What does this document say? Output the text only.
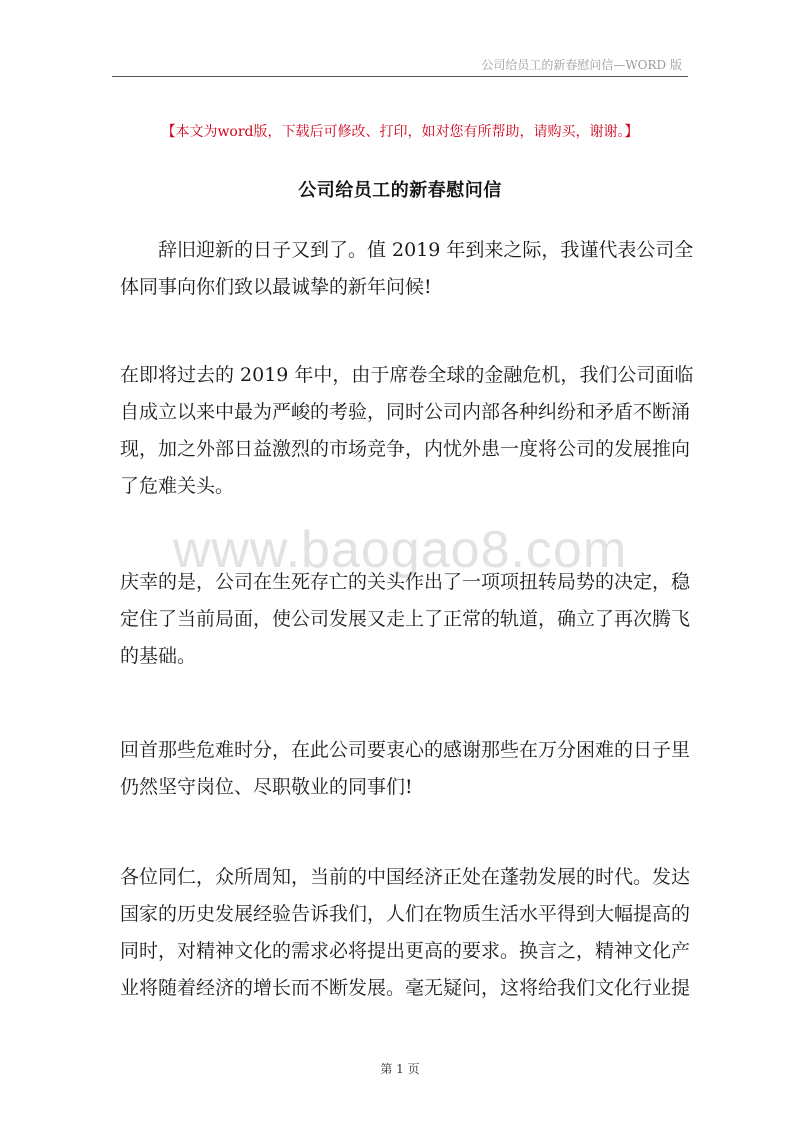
公司给员工的新春慰问信—WORD 版
【本文为word版，下载后可修改、打印，如对您有所帮助，请购买，谢谢。】
公司给员工的新春慰问信
www.baogao8.com
辞旧迎新的日子又到了。值 2019 年到来之际，我谨代表公司全
体同事向你们致以最诚挚的新年问候!
在即将过去的 2019 年中，由于席卷全球的金融危机，我们公司面临
自成立以来中最为严峻的考验，同时公司内部各种纠纷和矛盾不断涌
现，加之外部日益激烈的市场竞争，内忧外患一度将公司的发展推向
了危难关头。
庆幸的是，公司在生死存亡的关头作出了一项项扭转局势的决定，稳
定住了当前局面，使公司发展又走上了正常的轨道，确立了再次腾飞
的基础。
回首那些危难时分，在此公司要衷心的感谢那些在万分困难的日子里
仍然坚守岗位、尽职敬业的同事们!
各位同仁，众所周知，当前的中国经济正处在蓬勃发展的时代。发达
国家的历史发展经验告诉我们，人们在物质生活水平得到大幅提高的
同时，对精神文化的需求必将提出更高的要求。换言之，精神文化产
业将随着经济的增长而不断发展。毫无疑问，这将给我们文化行业提
第 1 页
